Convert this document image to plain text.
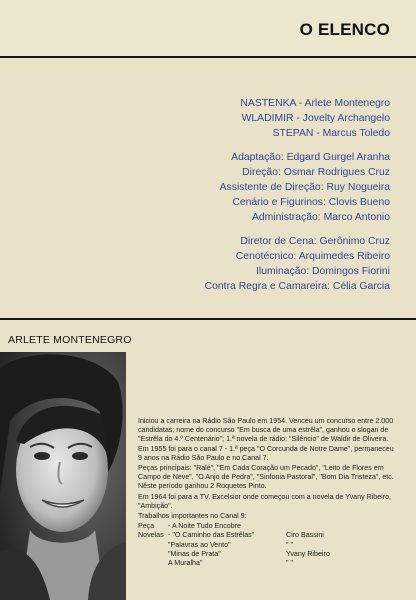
O ELENCO
NASTENKA - Arlete Montenegro
WLADIMIR - Jovelty Archangelo
STEPAN - Marcus Toledo
Adaptação: Edgard Gurgel Aranha
Direção: Osmar Rodrigues Cruz
Assistente de Direção: Ruy Nogueira
Cenário e Figurinos: Clovis Bueno
Administração: Marco Antonio
Diretor de Cena: Gerônimo Cruz
Cenotécnico: Arquimedes Ribeiro
Iluminação: Domingos Fiorini
Contra Regra e Camareira: Célia Garcia
ARLETE MONTENEGRO

Iniciou a carreira na Rádio São Paulo em 1954. Venceu um concurso entre 2.000 candidatas; nome do concurso "Em busca de uma estrêla", ganhou o slogan de "Estrêla do 4.º Centenário"; 1.ª novela de rádio: "Silêncio" de Waldir de Oliveira. Em 1955 foi para o canal 7 - 1.ª peça "O Corcunda de Notre Dame", permaneceu 9 anos na Rádio São Paulo e no Canal 7.

Peças principais: "Ralé", "Em Cada Coração um Pecado", "Leito de Flores em Campo de Neve", "O Anjo de Pedra", "Sinfonia Pastoral", "Bom Dia Tristeza", etc. Nêste período ganhou 2 Roquetes Pinto.

Em 1964 foi para a TV. Excelsior onde começou com a novela de Yvany Ribeiro, "Ambição".

Trabalhos importantes no Canal 9:

Peça	- A Noite Tudo Encobre
Novelas - "O Caminho das Estrêlas"	Ciro Bassini
"Palavras ao Vento"	" "
"Minas de Prata"	Yvany Ribeiro
A Muralha"	" "
